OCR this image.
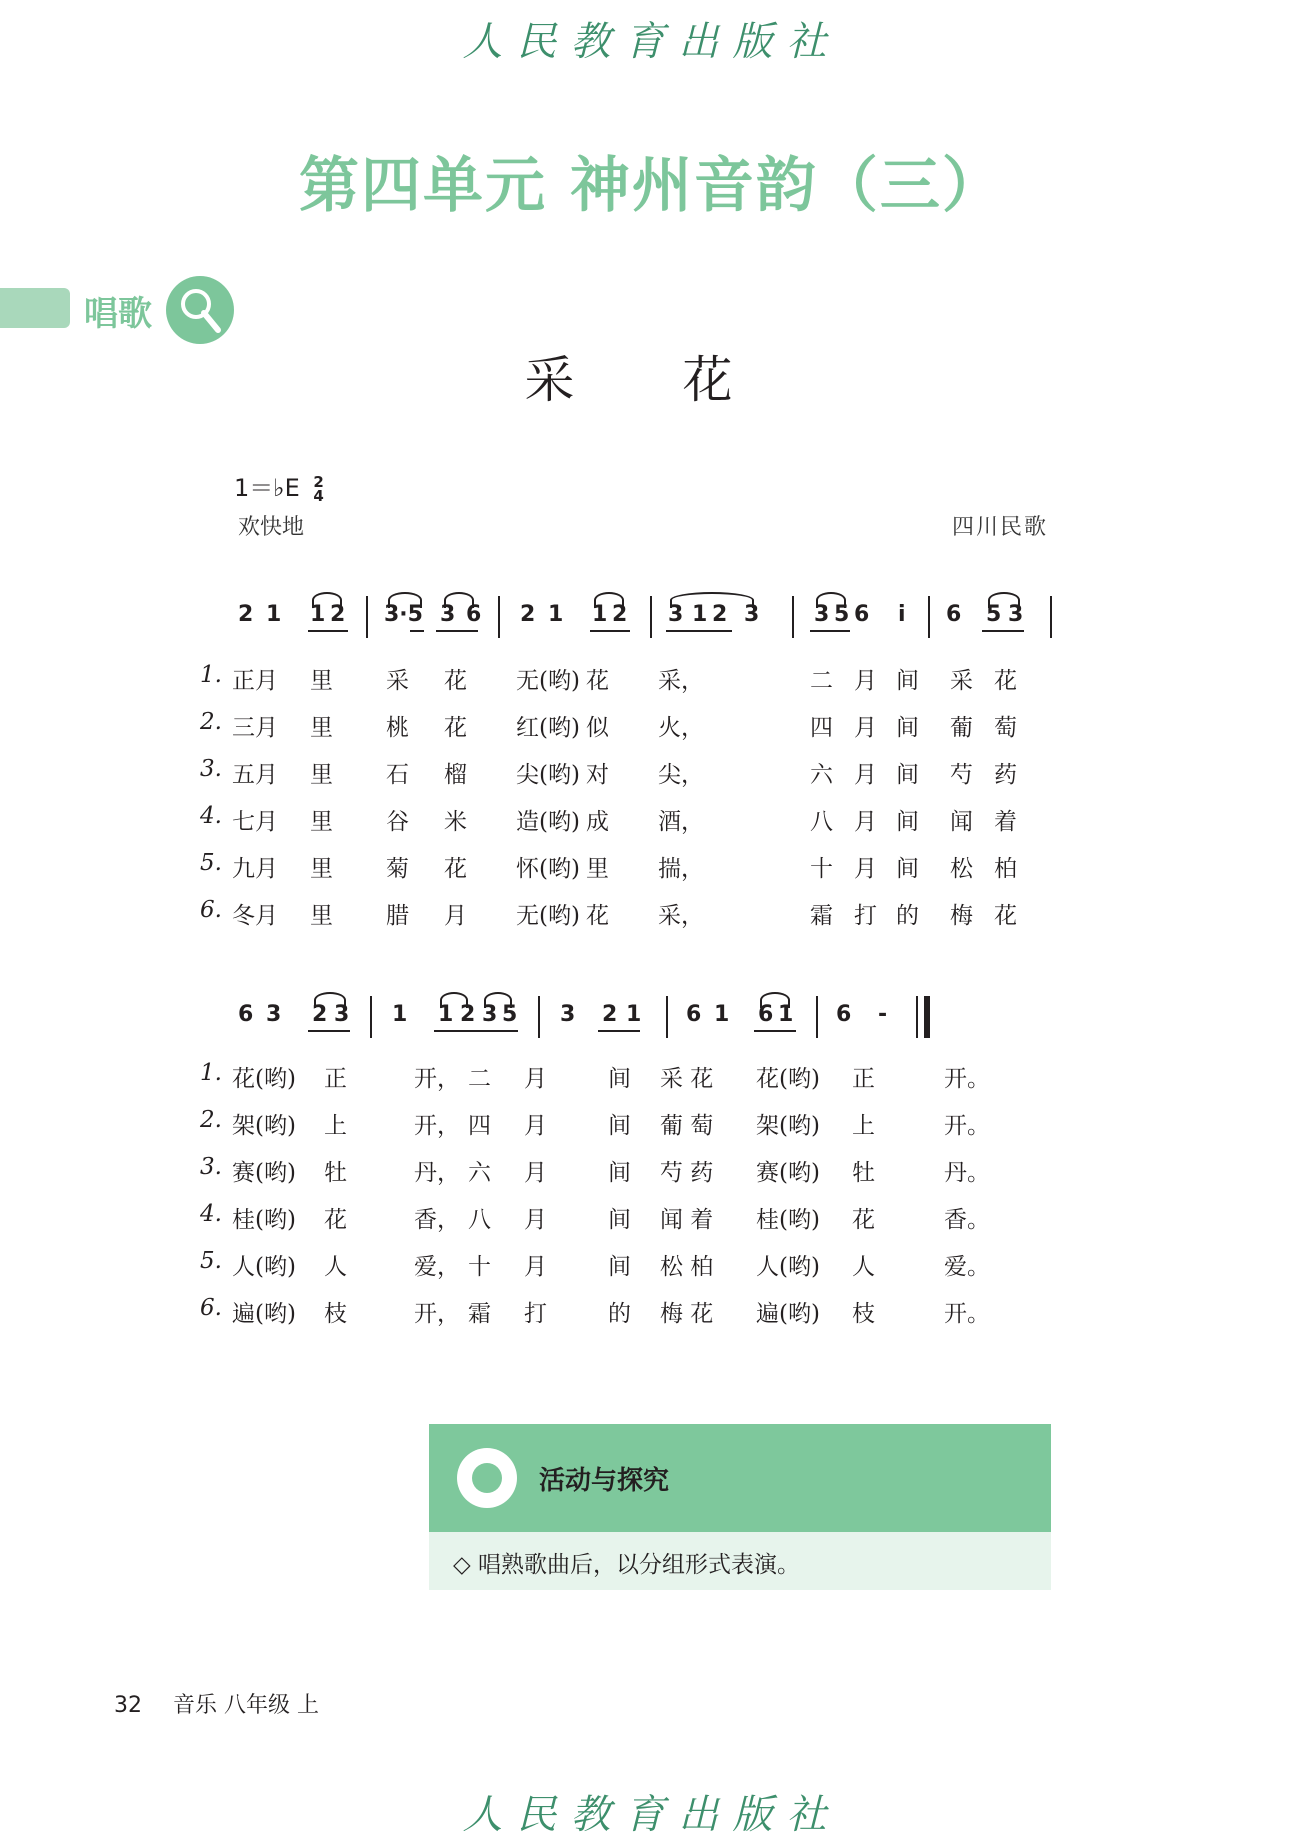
人民教育出版社
第四单元 神州音韵（三）
唱歌
采 花
1＝♭E 2
4
欢快地	四川民歌
2 1 1 2 3·5 3 6 2 1 1 2 3 1 2 3 3 5 6 i 6 5 3
1. 正月 里 采 花 无(哟) 花 采，	二 月 间 采 花
2. 三月 里 桃 花 红(哟) 似 火，	四 月 间 葡 萄
3. 五月 里 石 榴 尖(哟) 对 尖，	六 月 间 芍 药
4. 七月 里 谷 米 造(哟) 成 酒，	八 月 间 闻 着
5. 九月 里 菊 花 怀(哟) 里 揣，	十 月 间 松 柏
6. 冬月 里 腊 月 无(哟) 花 采，	霜 打 的 梅 花
6 3 2 3 1 1 2 3 5 3 2 1 6 1 6 1 6 -
1. 花(哟) 正	开， 二 月	间 采 花 花(哟) 正	开。
2. 架(哟) 上	开， 四 月	间 葡 萄 架(哟) 上	开。
3. 赛(哟) 牡	丹， 六 月	间 芍 药 赛(哟) 牡	丹。
4. 桂(哟) 花	香， 八 月	间 闻 着 桂(哟) 花	香。
5. 人(哟) 人	爱， 十 月	间 松 柏 人(哟) 人	爱。
6. 遍(哟) 枝	开， 霜 打	的 梅 花 遍(哟) 枝	开。
活动与探究
◇ 唱熟歌曲后，以分组形式表演。
32 音乐 八年级 上
人民教育出版社
